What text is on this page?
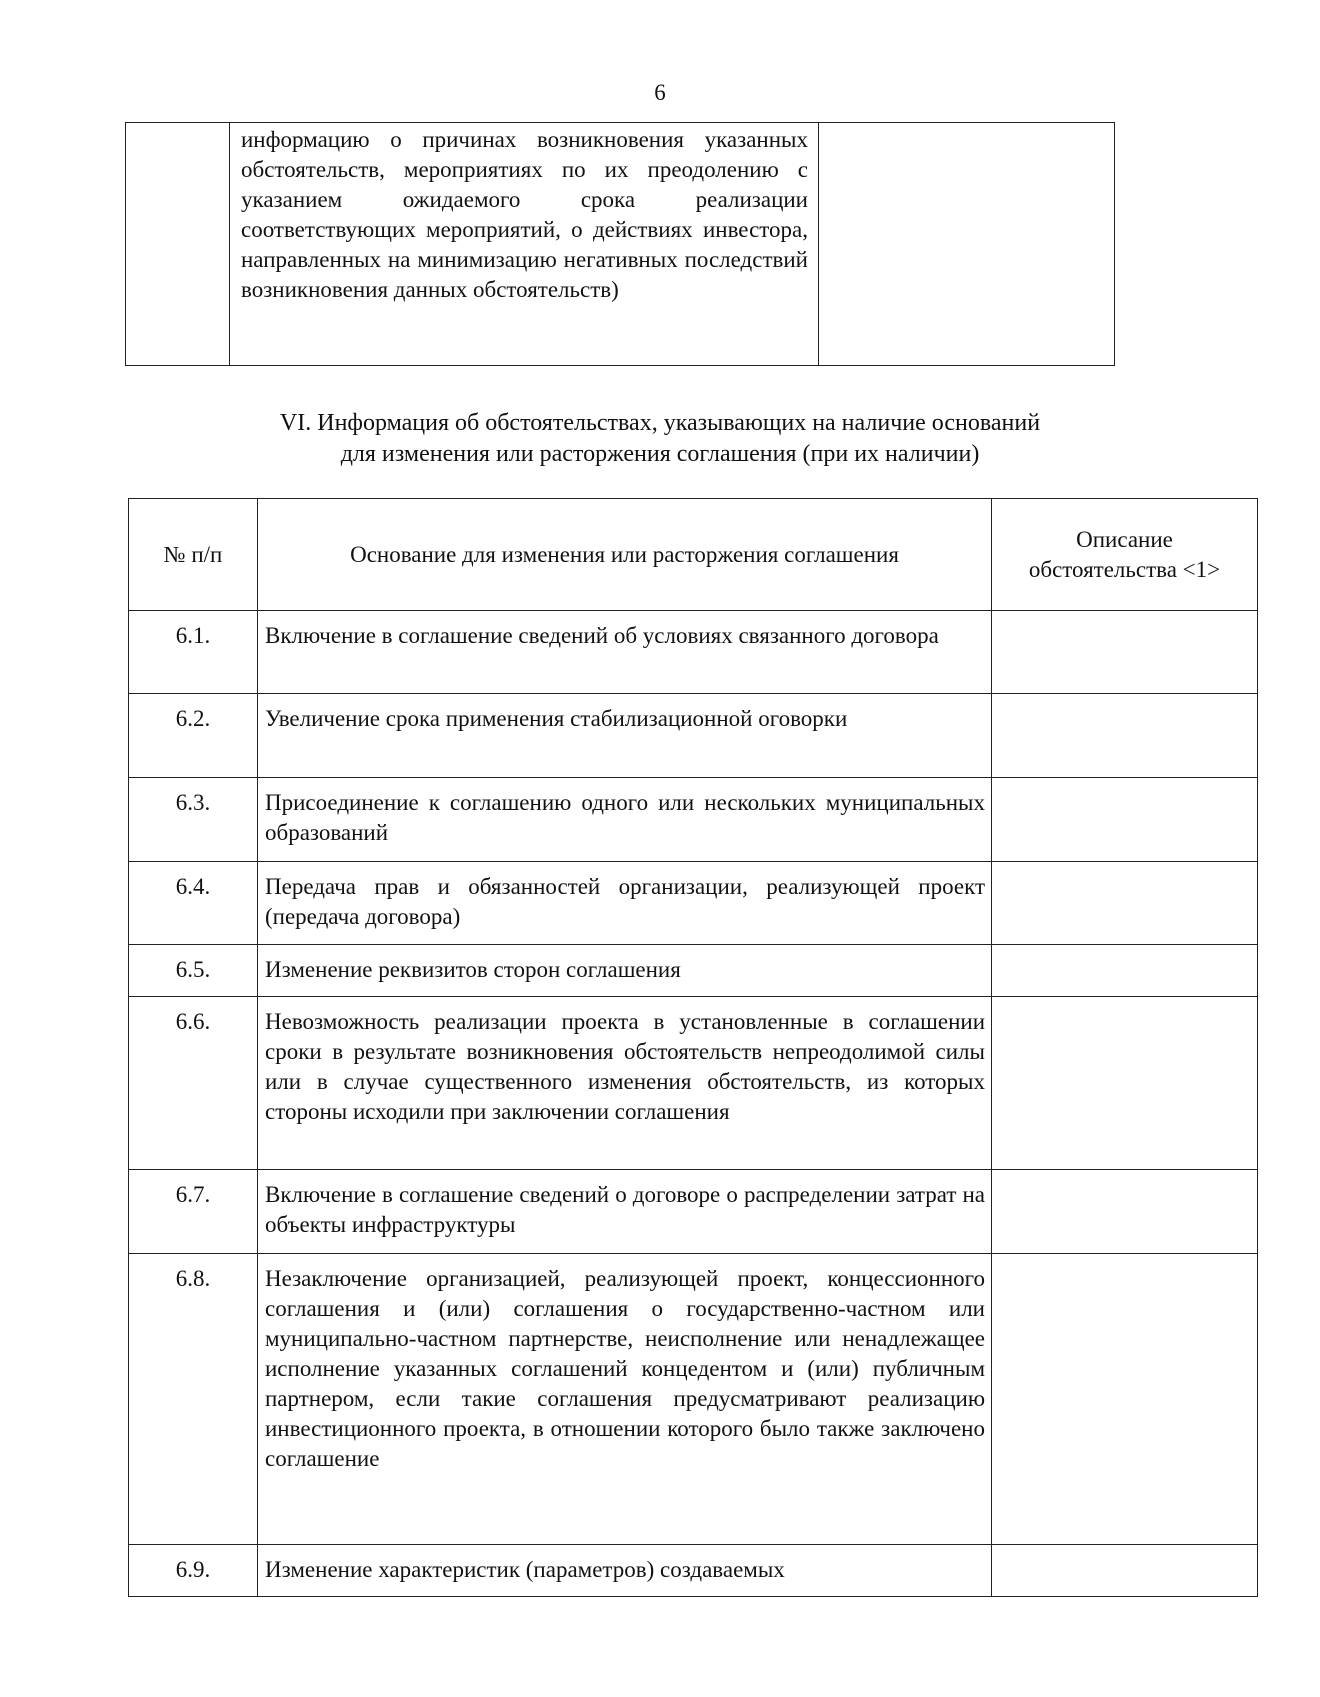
6

информацию о причинах возникновения указанных обстоятельств, мероприятиях по их преодолению с указанием ожидаемого срока реализации соответствующих мероприятий, о действиях инвестора, направленных на минимизацию негативных последствий возникновения данных обстоятельств)

VI. Информация об обстоятельствах, указывающих на наличие оснований
для изменения или расторжения соглашения (при их наличии)
№ п/п	Основание для изменения или расторжения соглашения	Описание обстоятельства <1>
6.1.	Включение в соглашение сведений об условиях связанного договора	
6.2.	Увеличение срока применения стабилизационной оговорки	
6.3.	Присоединение к соглашению одного или нескольких муниципальных образований	
6.4.	Передача прав и обязанностей организации, реализующей проект (передача договора)	
6.5.	Изменение реквизитов сторон соглашения	
6.6.	Невозможность реализации проекта в установленные в соглашении сроки в результате возникновения обстоятельств непреодолимой силы или в случае существенного изменения обстоятельств, из которых стороны исходили при заключении соглашения	
6.7.	Включение в соглашение сведений о договоре о распределении затрат на объекты инфраструктуры	
6.8.	Незаключение организацией, реализующей проект, концессионного соглашения и (или) соглашения о государственно-частном или муниципально-частном партнерстве, неисполнение или ненадлежащее исполнение указанных соглашений концедентом и (или) публичным партнером, если такие соглашения предусматривают реализацию инвестиционного проекта, в отношении которого было также заключено соглашение	
6.9.	Изменение характеристик (параметров) создаваемых	
